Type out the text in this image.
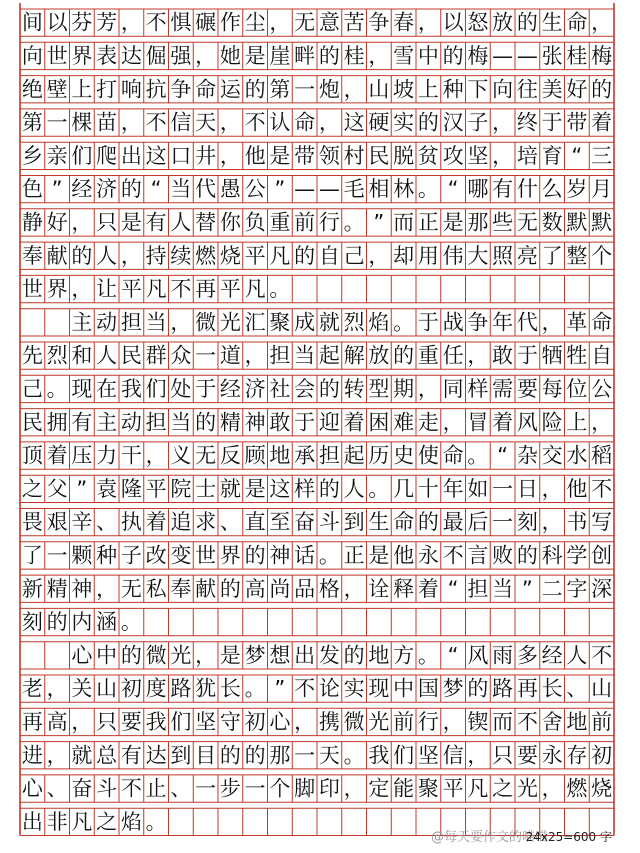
间 以 芬 芳 ， 不 惧 碾 作 尘 ， 无 意 苦 争 春 ， 以 怒 放 的 生 命 ，
向 世 界 表 达 倔 强 ， 她 是 崖 畔 的 桂 ， 雪 中 的 梅 — — 张 桂 梅
绝 壁 上 打 响 抗 争 命 运 的 第 一 炮 ， 山 坡 上 种 下 向 往 美 好 的
第 一 棵 苗 ， 不 信 天 ， 不 认 命 ， 这 硬 实 的 汉 子 ， 终 于 带 着
乡 亲 们 爬 出 这 口 井 ， 他 是 带 领 村 民 脱 贫 攻 坚 ， 培 育 “ 三
色 ” 经 济 的 “ 当 代 愚 公 ” — — 毛 相 林 。 “ 哪 有 什 么 岁 月
静 好 ， 只 是 有 人 替 你 负 重 前 行 。 ” 而 正 是 那 些 无 数 默 默
奉 献 的 人 ， 持 续 燃 烧 平 凡 的 自 己 ， 却 用 伟 大 照 亮 了 整 个
世 界 ， 让 平 凡 不 再 平 凡 。
　　主 动 担 当 ， 微 光 汇 聚 成 就 烈 焰 。 于 战 争 年 代 ， 革 命
先 烈 和 人 民 群 众 一 道 ， 担 当 起 解 放 的 重 任 ， 敢 于 牺 牲 自
己 。 现 在 我 们 处 于 经 济 社 会 的 转 型 期 ， 同 样 需 要 每 位 公
民 拥 有 主 动 担 当 的 精 神 敢 于 迎 着 困 难 走 ， 冒 着 风 险 上 ，
顶 着 压 力 干 ， 义 无 反 顾 地 承 担 起 历 史 使 命 。 “ 杂 交 水 稻
之 父 ” 袁 隆 平 院 士 就 是 这 样 的 人 。 几 十 年 如 一 日 ， 他 不
畏 艰 辛 、 执 着 追 求 、 直 至 奋 斗 到 生 命 的 最 后 一 刻 ， 书 写
了 一 颗 种 子 改 变 世 界 的 神 话 。 正 是 他 永 不 言 败 的 科 学 创
新 精 神 ， 无 私 奉 献 的 高 尚 品 格 ， 诠 释 着 “ 担 当 ” 二 字 深
刻 的 内 涵 。
　　心 中 的 微 光 ， 是 梦 想 出 发 的 地 方 。 “ 风 雨 多 经 人 不
老 ， 关 山 初 度 路 犹 长 。 ” 不 论 实 现 中 国 梦 的 路 再 长 、 山
再 高 ， 只 要 我 们 坚 守 初 心 ， 携 微 光 前 行 ， 锲 而 不 舍 地 前
进 ， 就 总 有 达 到 目 的 的 那 一 天 。 我 们 坚 信 ， 只 要 永 存 初
心 、 奋 斗 不 止 、 一 步 一 个 脚 印 ， 定 能 聚 平 凡 之 光 ， 燃 烧
出 非 凡 之 焰 。
@每天要作文的喵喵
24x25=600 字
